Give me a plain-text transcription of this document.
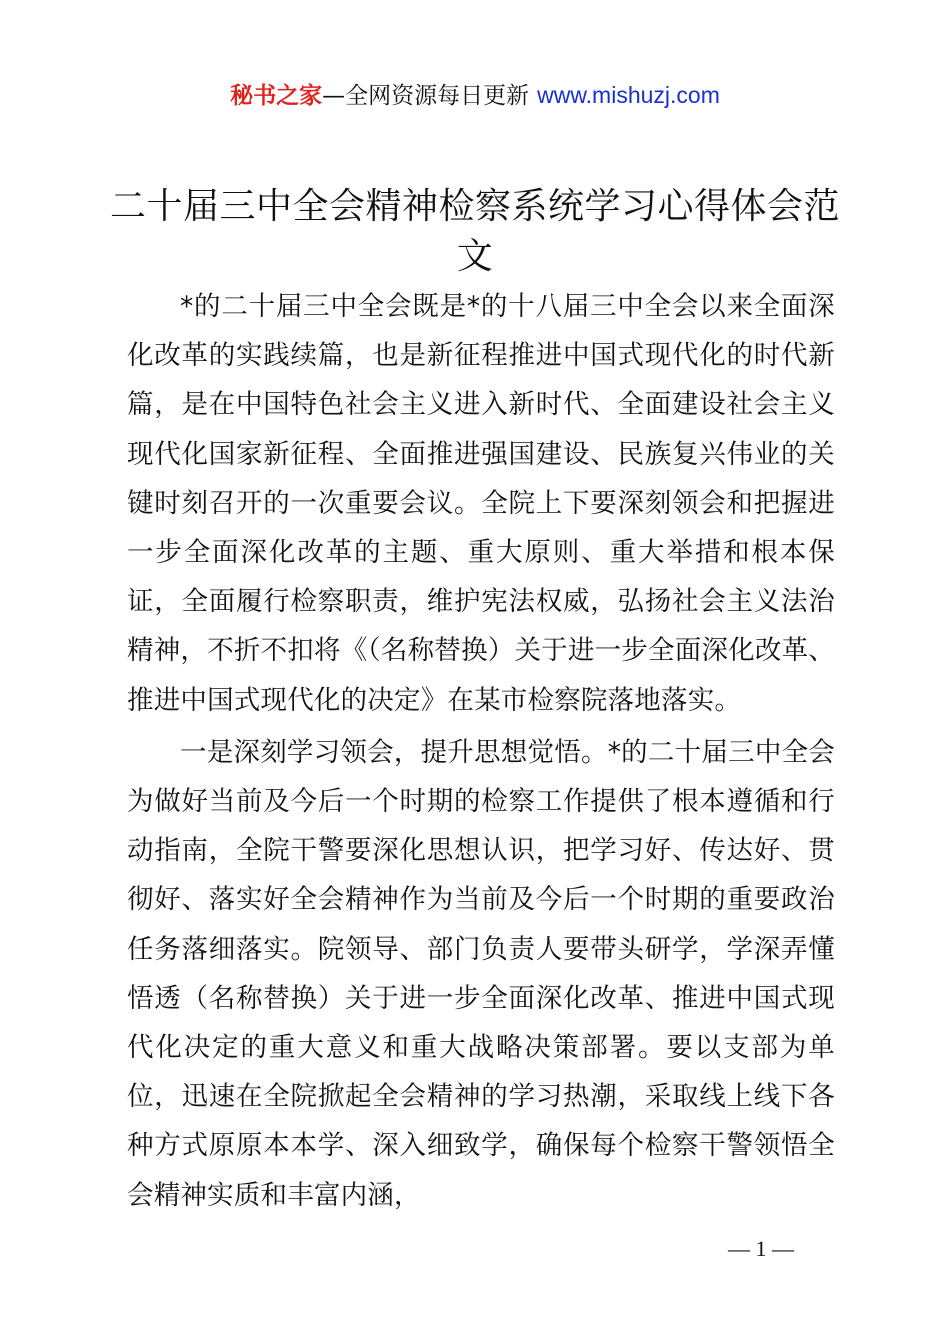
秘书之家—全网资源每日更新 www.mishuzj.com
二十届三中全会精神检察系统学习心得体会范文

*的二十届三中全会既是*的十八届三中全会以来全面深化改革的实践续篇，也是新征程推进中国式现代化的时代新篇，是在中国特色社会主义进入新时代、全面建设社会主义现代化国家新征程、全面推进强国建设、民族复兴伟业的关键时刻召开的一次重要会议。全院上下要深刻领会和把握进一步全面深化改革的主题、重大原则、重大举措和根本保证，全面履行检察职责，维护宪法权威，弘扬社会主义法治精神，不折不扣将《（名称替换）关于进一步全面深化改革、推进中国式现代化的决定》在某市检察院落地落实。

一是深刻学习领会，提升思想觉悟。*的二十届三中全会为做好当前及今后一个时期的检察工作提供了根本遵循和行动指南，全院干警要深化思想认识，把学习好、传达好、贯彻好、落实好全会精神作为当前及今后一个时期的重要政治任务落细落实。院领导、部门负责人要带头研学，学深弄懂悟透（名称替换）关于进一步全面深化改革、推进中国式现代化决定的重大意义和重大战略决策部署。要以支部为单位，迅速在全院掀起全会精神的学习热潮，采取线上线下各种方式原原本本学、深入细致学，确保每个检察干警领悟全会精神实质和丰富内涵，

— 1 —
